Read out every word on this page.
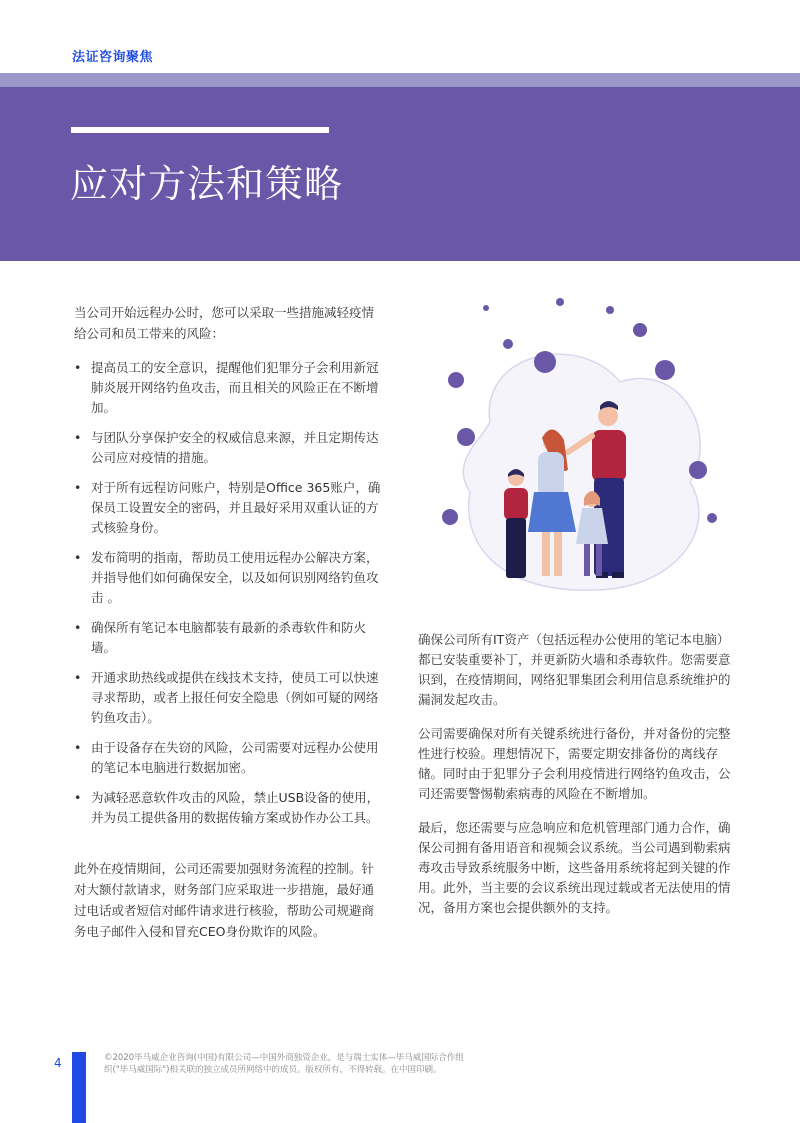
法证咨询聚焦
应对方法和策略

当公司开始远程办公时，您可以采取一些措施减轻疫情给公司和员工带来的风险：

• 提高员工的安全意识，提醒他们犯罪分子会利用新冠肺炎展开网络钓鱼攻击，而且相关的风险正在不断增加。
• 与团队分享保护安全的权威信息来源，并且定期传达公司应对疫情的措施。
• 对于所有远程访问账户，特别是Office 365账户，确保员工设置安全的密码，并且最好采用双重认证的方式核验身份。
• 发布简明的指南，帮助员工使用远程办公解决方案，并指导他们如何确保安全，以及如何识别网络钓鱼攻击 。
• 确保所有笔记本电脑都装有最新的杀毒软件和防火墙。
• 开通求助热线或提供在线技术支持，使员工可以快速寻求帮助，或者上报任何安全隐患（例如可疑的网络钓鱼攻击）。
• 由于设备存在失窃的风险，公司需要对远程办公使用的笔记本电脑进行数据加密。
• 为减轻恶意软件攻击的风险，禁止USB设备的使用，并为员工提供备用的数据传输方案或协作办公工具。

此外在疫情期间，公司还需要加强财务流程的控制。针对大额付款请求，财务部门应采取进一步措施，最好通过电话或者短信对邮件请求进行核验，帮助公司规避商务电子邮件入侵和冒充CEO身份欺诈的风险。

确保公司所有IT资产（包括远程办公使用的笔记本电脑）都已安装重要补丁，并更新防火墙和杀毒软件。您需要意识到，在疫情期间，网络犯罪集团会利用信息系统维护的漏洞发起攻击。

公司需要确保对所有关键系统进行备份，并对备份的完整性进行校验。理想情况下，需要定期安排备份的离线存储。同时由于犯罪分子会利用疫情进行网络钓鱼攻击，公司还需要警惕勒索病毒的风险在不断增加。

最后，您还需要与应急响应和危机管理部门通力合作，确保公司拥有备用语音和视频会议系统。当公司遇到勒索病毒攻击导致系统服务中断，这些备用系统将起到关键的作用。此外，当主要的会议系统出现过载或者无法使用的情况，备用方案也会提供额外的支持。

4	©2020毕马威企业咨询(中国)有限公司—中国外商独资企业，是与瑞士实体—毕马威国际合作组织("毕马威国际")相关联的独立成员所网络中的成员。版权所有，不得转载。在中国印刷。
